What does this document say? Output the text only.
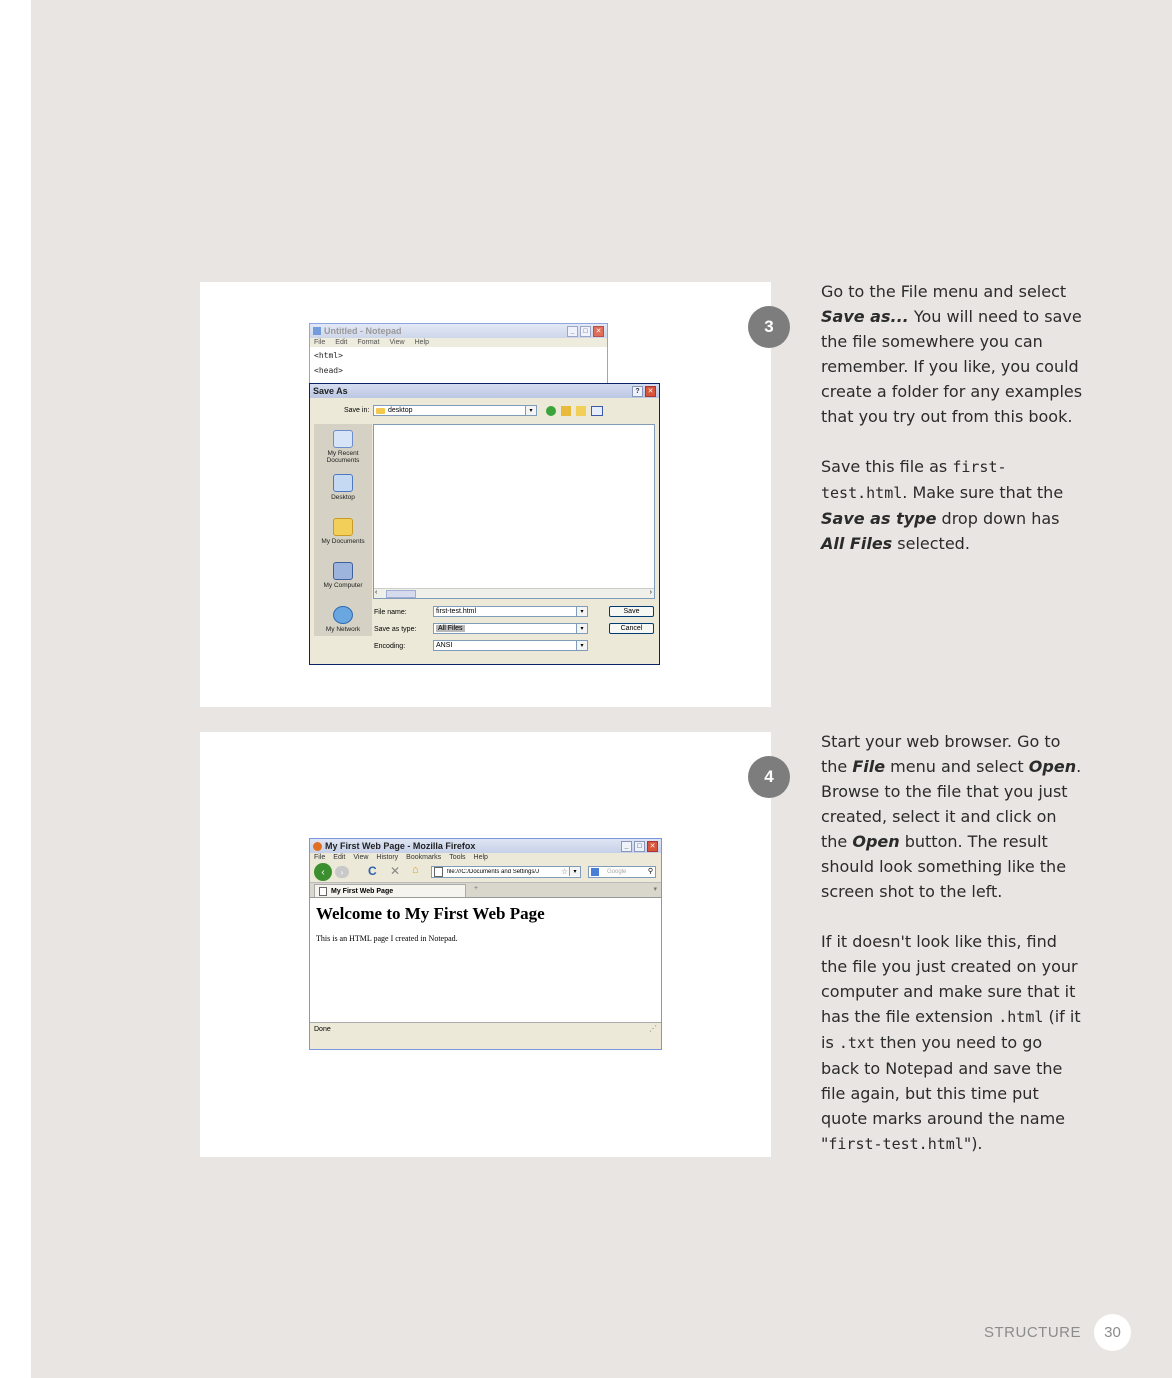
Untitled - Notepad	_	□	✕
File Edit Format View Help
<html>
<head>
Save As	?	✕
Save in:	desktop	▾
My Recent Documents
Desktop
My Documents
My Computer
My Network
‹	›
File name:	first-test.html	▾	Save
Save as type:	All Files	▾	Cancel
Encoding:	ANSI	▾
3

Go to the File menu and select Save as... You will need to save the file somewhere you can remember. If you like, you could create a folder for any examples that you try out from this book.

Save this file as first-test.html. Make sure that the Save as type drop down has All Files selected.

My First Web Page - Mozilla Firefox	_	□	✕
File Edit View History Bookmarks Tools Help
‹	›	C ✕ ⌂	file:///C:/Documents and Settings/J	☆ ▾	Google	⚲
My First Web Page	+	▾
Welcome to My First Web Page
This is an HTML page I created in Notepad.
Done	⋰
4

Start your web browser. Go to the File menu and select Open. Browse to the file that you just created, select it and click on the Open button. The result should look something like the screen shot to the left.

If it doesn't look like this, find the file you just created on your computer and make sure that it has the file extension .html (if it is .txt then you need to go back to Notepad and save the file again, but this time put quote marks around the name "first-test.html").

STRUCTURE	30
